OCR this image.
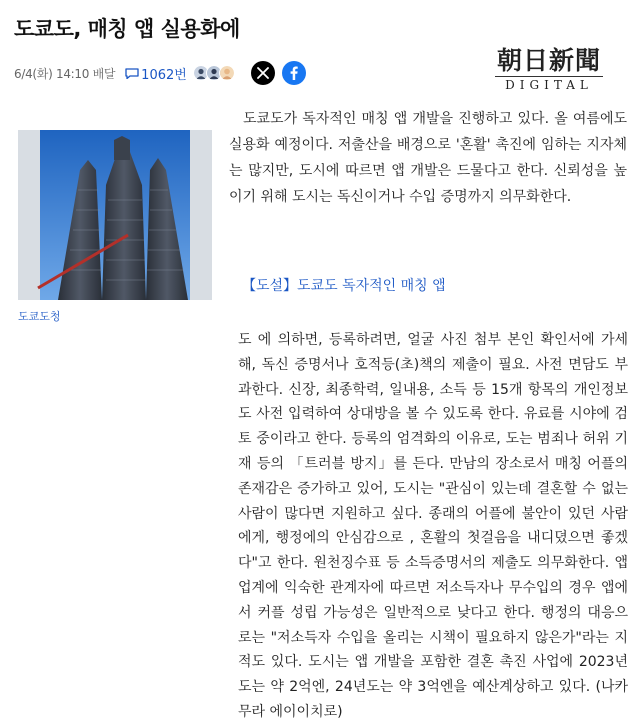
도쿄도, 매칭 앱 실용화에
6/4(화) 14:10 배달 1062번	朝日新聞
DIGITAL
도쿄도청

도쿄도가 독자적인 매칭 앱 개발을 진행하고 있다. 올 여름에도 실용화 예정이다. 저출산을 배경으로 '혼활' 촉진에 임하는 지자체는 많지만, 도시에 따르면 앱 개발은 드물다고 한다. 신뢰성을 높이기 위해 도시는 독신이거나 수입 증명까지 의무화한다.

【도설】도쿄도 독자적인 매칭 앱

도 에 의하면, 등록하려면, 얼굴 사진 첨부 본인 확인서에 가세해, 독신 증명서나 호적등(초)책의 제출이 필요. 사전 면담도 부과한다. 신장, 최종학력, 일내용, 소득 등 15개 항목의 개인정보도 사전 입력하여 상대방을 볼 수 있도록 한다. 유료를 시야에 검토 중이라고 한다. 등록의 엄격화의 이유로, 도는 범죄나 허위 기재 등의 「트러블 방지」를 든다. 만남의 장소로서 매칭 어플의 존재감은 증가하고 있어, 도시는 "관심이 있는데 결혼할 수 없는 사람이 많다면 지원하고 싶다. 종래의 어플에 불안이 있던 사람에게, 행정에의 안심감으로 , 혼활의 첫걸음을 내디뎠으면 좋겠다"고 한다. 원천징수표 등 소득증명서의 제출도 의무화한다. 앱 업계에 익숙한 관계자에 따르면 저소득자나 무수입의 경우 앱에서 커플 성립 가능성은 일반적으로 낮다고 한다. 행정의 대응으로는 "저소득자 수입을 올리는 시책이 필요하지 않은가"라는 지적도 있다. 도시는 앱 개발을 포함한 결혼 촉진 사업에 2023년도는 약 2억엔, 24년도는 약 3억엔을 예산계상하고 있다. (나카무라 에이이치로)
